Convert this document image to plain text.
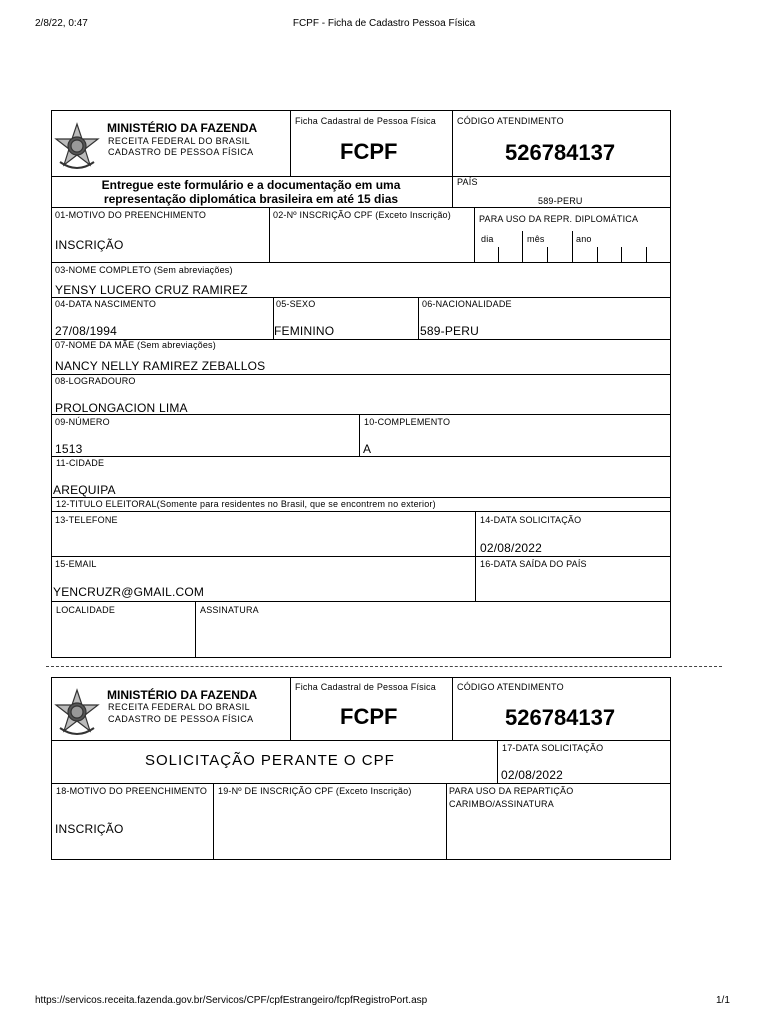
2/8/22, 0:47	FCPF - Ficha de Cadastro Pessoa Física
https://servicos.receita.fazenda.gov.br/Servicos/CPF/cpfEstrangeiro/fcpfRegistroPort.asp	1/1
MINISTÉRIO DA FAZENDA
RECEITA FEDERAL DO BRASIL
CADASTRO DE PESSOA FÍSICA
Ficha Cadastral de Pessoa Física
FCPF
CÓDIGO ATENDIMENTO
526784137
Entregue este formulário e a documentação em uma
representação diplomática brasileira em até 15 dias
PAÍS
589-PERU
01-MOTIVO DO PREENCHIMENTO
INSCRIÇÃO
02-Nº INSCRIÇÃO CPF (Exceto Inscrição)	PARA USO DA REPR. DIPLOMÁTICA
dia	mês	ano
03-NOME COMPLETO (Sem abreviações)
YENSY LUCERO CRUZ RAMIREZ
04-DATA NASCIMENTO
27/08/1994
05-SEXO
FEMININO
06-NACIONALIDADE
589-PERU
07-NOME DA MÃE (Sem abreviações)
NANCY NELLY RAMIREZ ZEBALLOS
08-LOGRADOURO
PROLONGACION LIMA
09-NÚMERO
1513
10-COMPLEMENTO
A
11-CIDADE
AREQUIPA
12-TITULO ELEITORAL(Somente para residentes no Brasil, que se encontrem no exterior)
13-TELEFONE	14-DATA SOLICITAÇÃO
02/08/2022
15-EMAIL
YENCRUZR@GMAIL.COM
16-DATA SAÍDA DO PAÍS
LOCALIDADE	ASSINATURA
MINISTÉRIO DA FAZENDA
RECEITA FEDERAL DO BRASIL
CADASTRO DE PESSOA FÍSICA
Ficha Cadastral de Pessoa Física
FCPF
CÓDIGO ATENDIMENTO
526784137
SOLICITAÇÃO PERANTE O CPF
17-DATA SOLICITAÇÃO
02/08/2022
18-MOTIVO DO PREENCHIMENTO
INSCRIÇÃO
19-Nº DE INSCRIÇÃO CPF (Exceto Inscrição)	PARA USO DA REPARTIÇÃO
CARIMBO/ASSINATURA
